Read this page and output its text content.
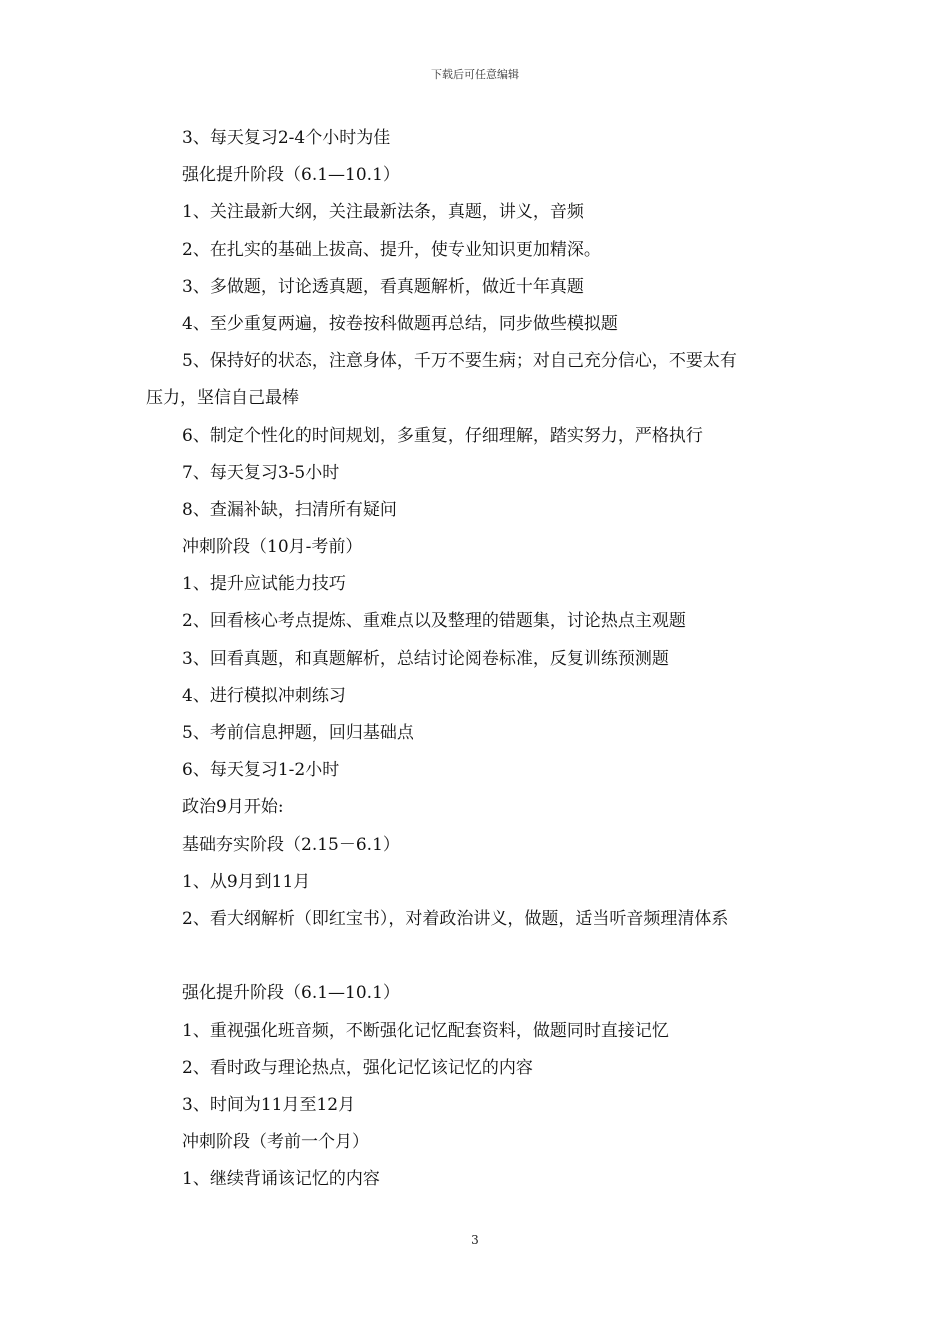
下载后可任意编辑
3、每天复习2-4个小时为佳
强化提升阶段（6.1—10.1）
1、关注最新大纲，关注最新法条，真题，讲义，音频
2、在扎实的基础上拔高、提升，使专业知识更加精深。
3、多做题，讨论透真题，看真题解析，做近十年真题
4、至少重复两遍，按卷按科做题再总结，同步做些模拟题
5、保持好的状态，注意身体，千万不要生病；对自己充分信心，不要太有
压力，坚信自己最棒
6、制定个性化的时间规划，多重复，仔细理解，踏实努力，严格执行
7、每天复习3-5小时
8、查漏补缺，扫清所有疑问
冲刺阶段（10月-考前）
1、提升应试能力技巧
2、回看核心考点提炼、重难点以及整理的错题集，讨论热点主观题
3、回看真题，和真题解析，总结讨论阅卷标准，反复训练预测题
4、进行模拟冲刺练习
5、考前信息押题，回归基础点
6、每天复习1-2小时
政治9月开始:
基础夯实阶段（2.15－6.1）
1、从9月到11月
2、看大纲解析（即红宝书），对着政治讲义，做题，适当听音频理清体系
强化提升阶段（6.1—10.1）
1、重视强化班音频，不断强化记忆配套资料，做题同时直接记忆
2、看时政与理论热点，强化记忆该记忆的内容
3、时间为11月至12月
冲刺阶段（考前一个月）
1、继续背诵该记忆的内容
3
